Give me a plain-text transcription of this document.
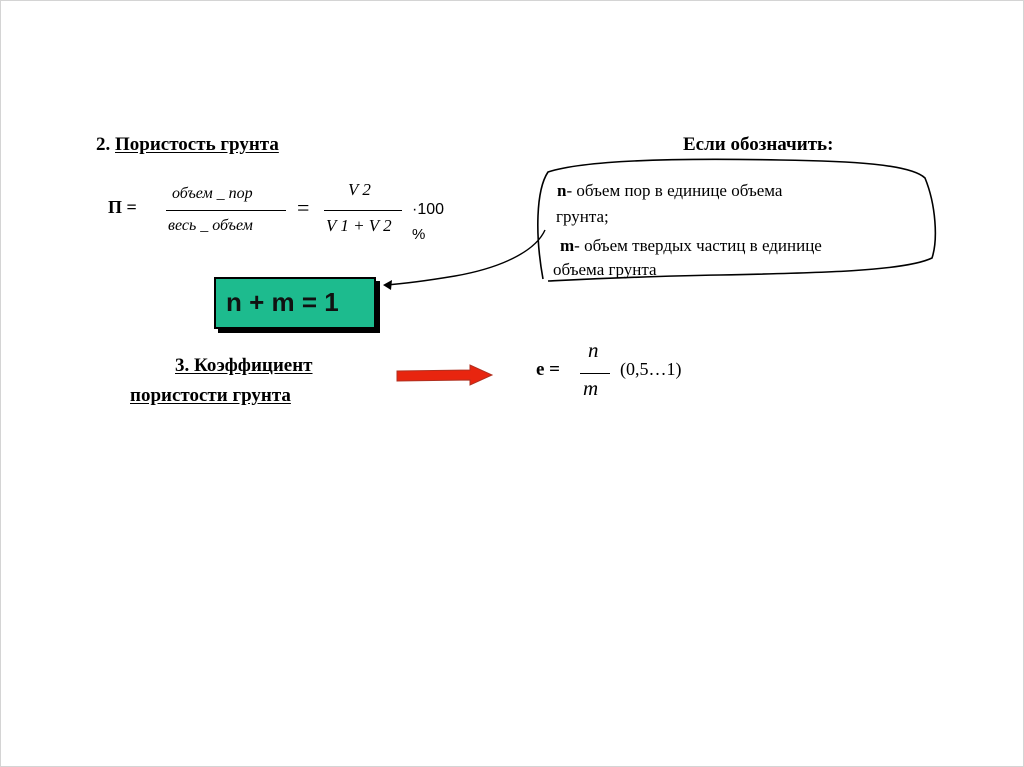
2. Пористость грунта
П =
объем _ пор
весь _ объем
=
V 2
V 1 + V 2
·100
%
Если обозначить:
n- объем пор в единице объема
грунта;
m- объем твердых частиц в единице
объема грунта
n + m = 1
3. Коэффициент
пористости грунта
e =
n
m
(0,5…1)
